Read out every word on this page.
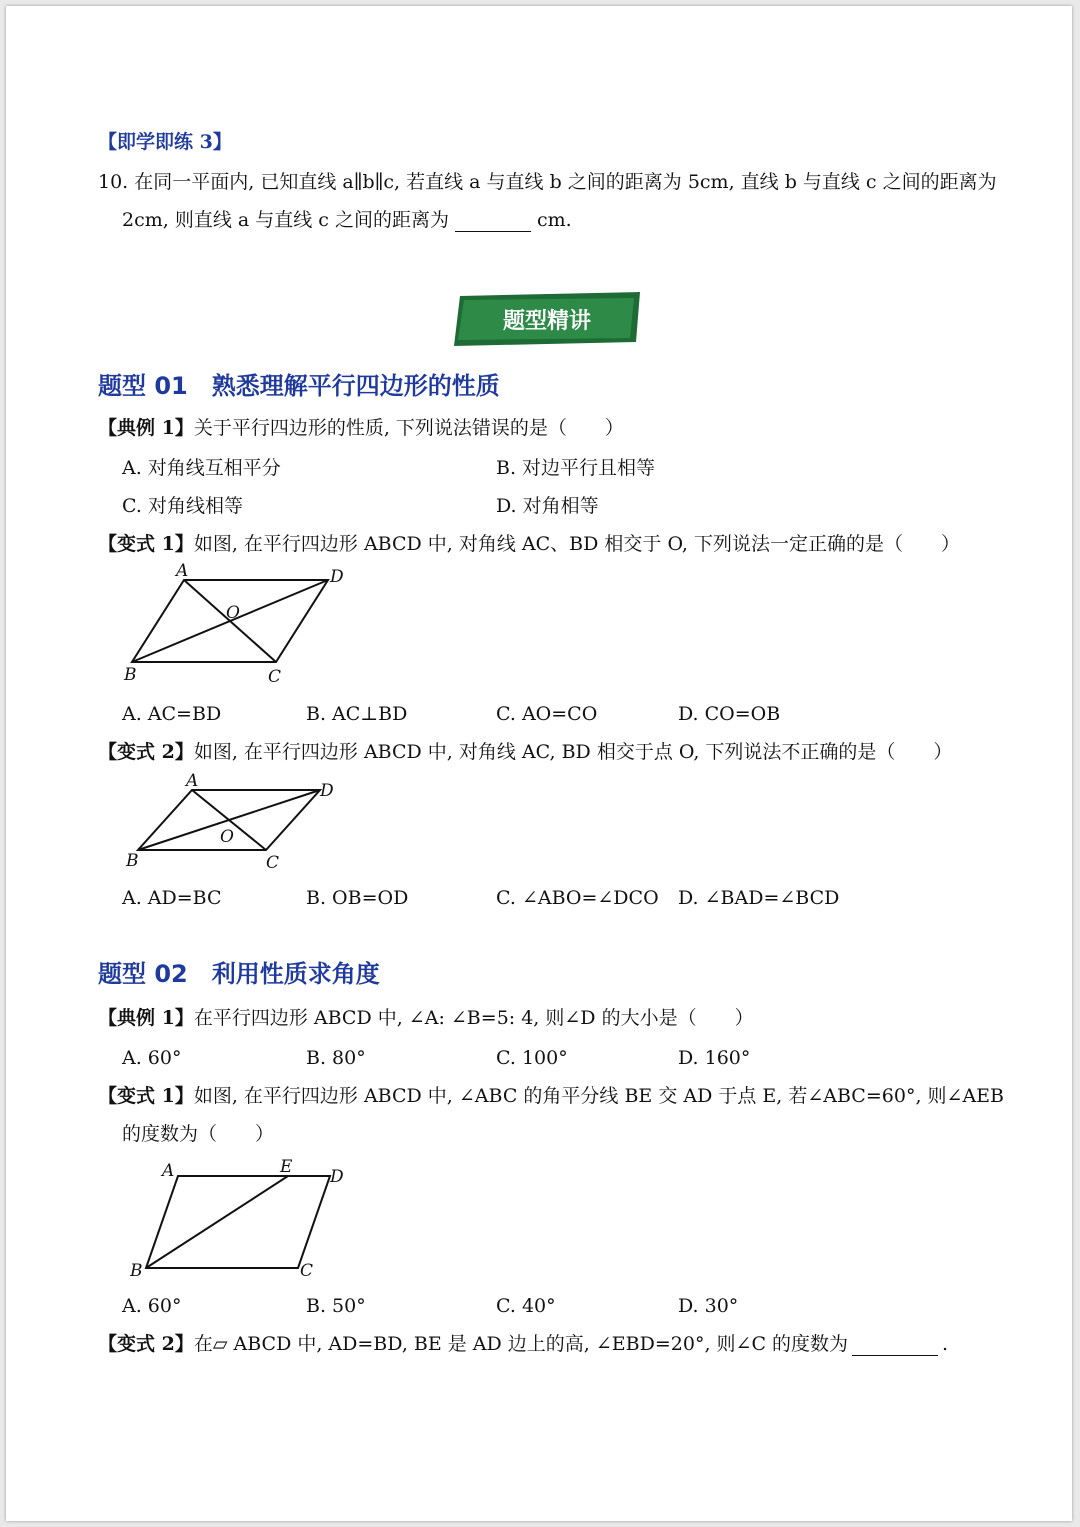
【即学即练 3】
10. 在同一平面内, 已知直线 a∥b∥c, 若直线 a 与直线 b 之间的距离为 5cm, 直线 b 与直线 c 之间的距离为
2cm, 则直线 a 与直线 c 之间的距离为	cm.
题型精讲
题型 01　熟悉理解平行四边形的性质
【典例 1】关于平行四边形的性质, 下列说法错误的是（　　）
A. 对角线互相平分	B. 对边平行且相等
C. 对角线相等	D. 对角相等
【变式 1】如图, 在平行四边形 ABCD 中, 对角线 AC、BD 相交于 O, 下列说法一定正确的是（　　）
A	D
O
B	C
A. AC=BD	B. AC⊥BD	C. AO=CO	D. CO=OB
【变式 2】如图, 在平行四边形 ABCD 中, 对角线 AC, BD 相交于点 O, 下列说法不正确的是（　　）
A	D
O
B	C
A. AD=BC	B. OB=OD	C. ∠ABO=∠DCO D. ∠BAD=∠BCD
题型 02　利用性质求角度
【典例 1】在平行四边形 ABCD 中, ∠A: ∠B=5: 4, 则∠D 的大小是（　　）
A. 60°	B. 80°	C. 100°	D. 160°
【变式 1】如图, 在平行四边形 ABCD 中, ∠ABC 的角平分线 BE 交 AD 于点 E, 若∠ABC=60°, 则∠AEB
的度数为（　　）
A	E D
B	C
A. 60°	B. 50°	C. 40°	D. 30°
【变式 2】在▱ ABCD 中, AD=BD, BE 是 AD 边上的高, ∠EBD=20°, 则∠C 的度数为	.
